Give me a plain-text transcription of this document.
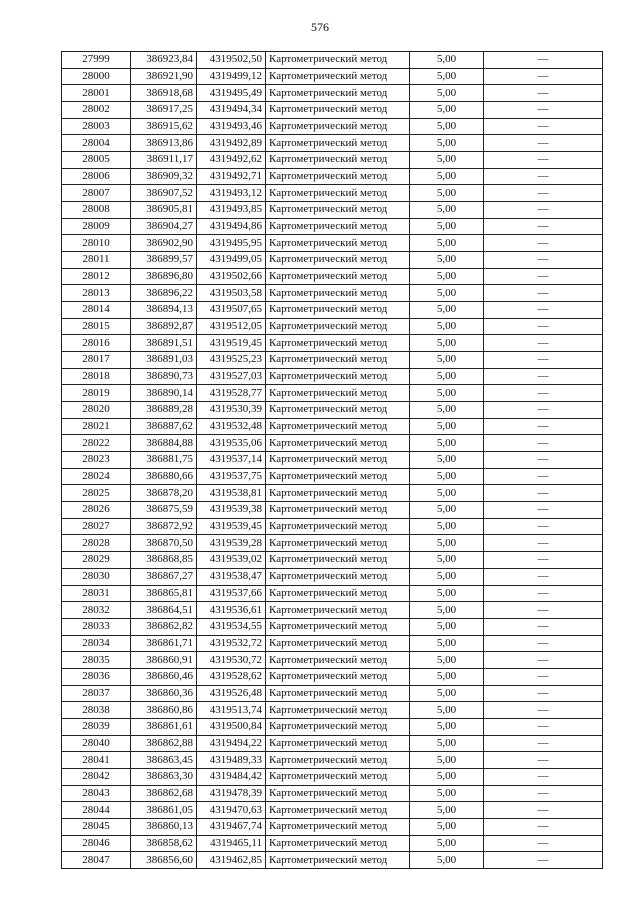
576
27999	386923,84	4319502,50	Картометрический метод	5,00	—
28000	386921,90	4319499,12	Картометрический метод	5,00	—
28001	386918,68	4319495,49	Картометрический метод	5,00	—
28002	386917,25	4319494,34	Картометрический метод	5,00	—
28003	386915,62	4319493,46	Картометрический метод	5,00	—
28004	386913,86	4319492,89	Картометрический метод	5,00	—
28005	386911,17	4319492,62	Картометрический метод	5,00	—
28006	386909,32	4319492,71	Картометрический метод	5,00	—
28007	386907,52	4319493,12	Картометрический метод	5,00	—
28008	386905,81	4319493,85	Картометрический метод	5,00	—
28009	386904,27	4319494,86	Картометрический метод	5,00	—
28010	386902,90	4319495,95	Картометрический метод	5,00	—
28011	386899,57	4319499,05	Картометрический метод	5,00	—
28012	386896,80	4319502,66	Картометрический метод	5,00	—
28013	386896,22	4319503,58	Картометрический метод	5,00	—
28014	386894,13	4319507,65	Картометрический метод	5,00	—
28015	386892,87	4319512,05	Картометрический метод	5,00	—
28016	386891,51	4319519,45	Картометрический метод	5,00	—
28017	386891,03	4319525,23	Картометрический метод	5,00	—
28018	386890,73	4319527,03	Картометрический метод	5,00	—
28019	386890,14	4319528,77	Картометрический метод	5,00	—
28020	386889,28	4319530,39	Картометрический метод	5,00	—
28021	386887,62	4319532,48	Картометрический метод	5,00	—
28022	386884,88	4319535,06	Картометрический метод	5,00	—
28023	386881,75	4319537,14	Картометрический метод	5,00	—
28024	386880,66	4319537,75	Картометрический метод	5,00	—
28025	386878,20	4319538,81	Картометрический метод	5,00	—
28026	386875,59	4319539,38	Картометрический метод	5,00	—
28027	386872,92	4319539,45	Картометрический метод	5,00	—
28028	386870,50	4319539,28	Картометрический метод	5,00	—
28029	386868,85	4319539,02	Картометрический метод	5,00	—
28030	386867,27	4319538,47	Картометрический метод	5,00	—
28031	386865,81	4319537,66	Картометрический метод	5,00	—
28032	386864,51	4319536,61	Картометрический метод	5,00	—
28033	386862,82	4319534,55	Картометрический метод	5,00	—
28034	386861,71	4319532,72	Картометрический метод	5,00	—
28035	386860,91	4319530,72	Картометрический метод	5,00	—
28036	386860,46	4319528,62	Картометрический метод	5,00	—
28037	386860,36	4319526,48	Картометрический метод	5,00	—
28038	386860,86	4319513,74	Картометрический метод	5,00	—
28039	386861,61	4319500,84	Картометрический метод	5,00	—
28040	386862,88	4319494,22	Картометрический метод	5,00	—
28041	386863,45	4319489,33	Картометрический метод	5,00	—
28042	386863,30	4319484,42	Картометрический метод	5,00	—
28043	386862,68	4319478,39	Картометрический метод	5,00	—
28044	386861,05	4319470,63	Картометрический метод	5,00	—
28045	386860,13	4319467,74	Картометрический метод	5,00	—
28046	386858,62	4319465,11	Картометрический метод	5,00	—
28047	386856,60	4319462,85	Картометрический метод	5,00	—
